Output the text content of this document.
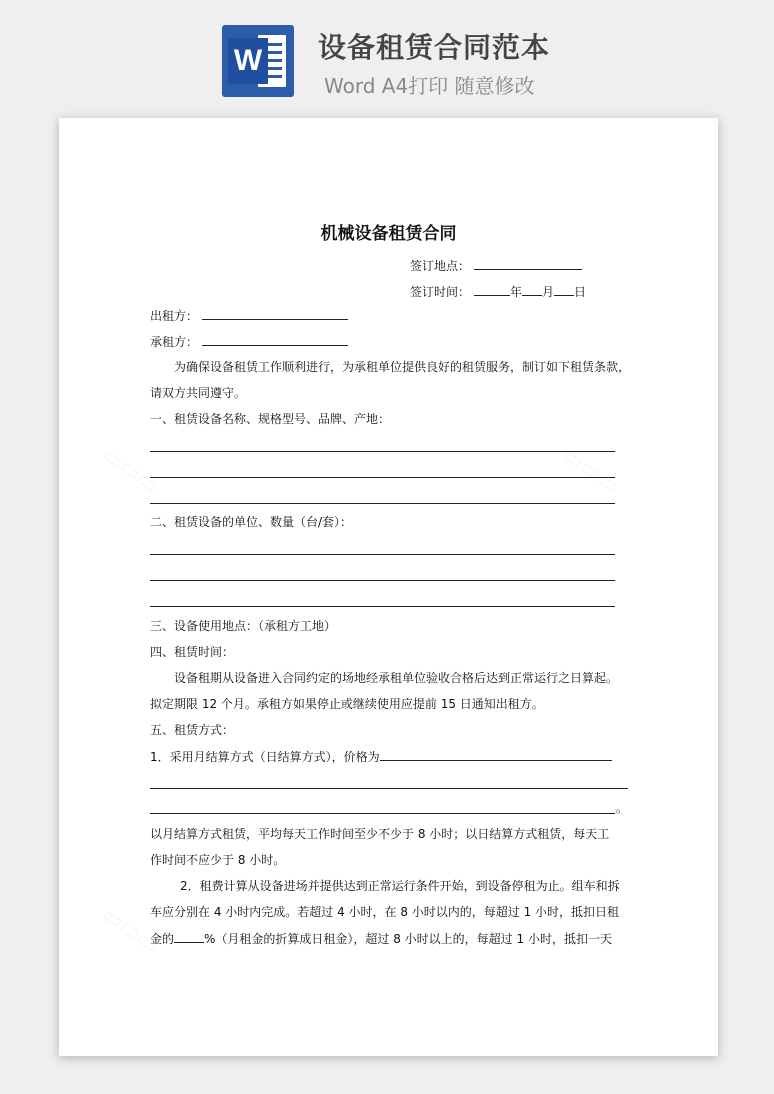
W 设备租赁合同范本
Word A4打印 随意修改
机械设备租赁合同
签订地点：
签订时间：	年 月 日
出租方：
承租方：
为确保设备租赁工作顺利进行，为承租单位提供良好的租赁服务，制订如下租赁条款，
请双方共同遵守。
一、租赁设备名称、规格型号、品牌、产地：
二、租赁设备的单位、数量（台/套）：
三、设备使用地点：（承租方工地）
四、租赁时间：
设备租期从设备进入合同约定的场地经承租单位验收合格后达到正常运行之日算起。
拟定期限 12 个月。承租方如果停止或继续使用应提前 15 日通知出租方。
五、租赁方式：
1．采用月结算方式（日结算方式），价格为
。
以月结算方式租赁，平均每天工作时间至少不少于 8 小时；以日结算方式租赁，每天工
作时间不应少于 8 小时。
2．租费计算从设备进场并提供达到正常运行条件开始，到设备停租为止。组车和拆
车应分别在 4 小时内完成。若超过 4 小时，在 8 小时以内的，每超过 1 小时，抵扣日租
金的	%（月租金的折算成日租金），超过 8 小时以上的，每超过 1 小时，抵扣一天
